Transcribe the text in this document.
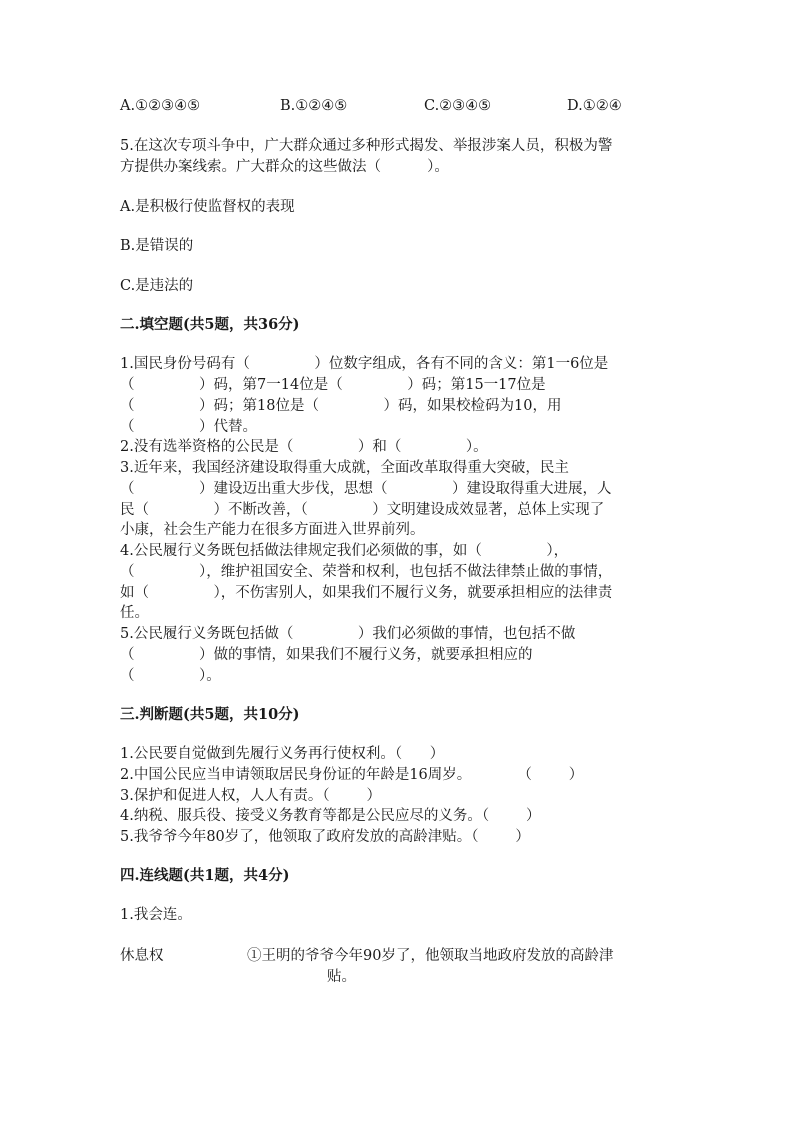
A.①②③④⑤	B.①②④⑤	C.②③④⑤	D.①②④
5.在这次专项斗争中，广大群众通过多种形式揭发、举报涉案人员，积极为警
方提供办案线索。广大群众的这些做法（          ）。
A.是积极行使监督权的表现
B.是错误的
C.是违法的
二.填空题(共5题，共36分)
1.国民身份号码有（              ）位数字组成，各有不同的含义：第1一6位是
（              ）码，第7一14位是（              ）码；第15一17位是
（              ）码；第18位是（              ）码，如果校检码为10，用
（              ）代替。
2.没有选举资格的公民是（              ）和（              ）。
3.近年来，我国经济建设取得重大成就，全面改革取得重大突破，民主
（              ）建设迈出重大步伐，思想（              ）建设取得重大进展，人
民（              ）不断改善，（              ）文明建设成效显著，总体上实现了
小康，社会生产能力在很多方面进入世界前列。
4.公民履行义务既包括做法律规定我们必须做的事，如（              ），
（              ），维护祖国安全、荣誉和权利，也包括不做法律禁止做的事情，
如（              ），不伤害别人，如果我们不履行义务，就要承担相应的法律责
任。
5.公民履行义务既包括做（              ）我们必须做的事情，也包括不做
（              ）做的事情，如果我们不履行义务，就要承担相应的
（              ）。
三.判断题(共5题，共10分)
1.公民要自觉做到先履行义务再行使权利。（      ）
2.中国公民应当申请领取居民身份证的年龄是16周岁。          （        ）
3.保护和促进人权，人人有责。（        ）
4.纳税、服兵役、接受义务教育等都是公民应尽的义务。（        ）
5.我爷爷今年80岁了，他领取了政府发放的高龄津贴。（        ）
四.连线题(共1题，共4分)
1.我会连。
休息权	①王明的爷爷今年90岁了，他领取当地政府发放的高龄津
贴。
